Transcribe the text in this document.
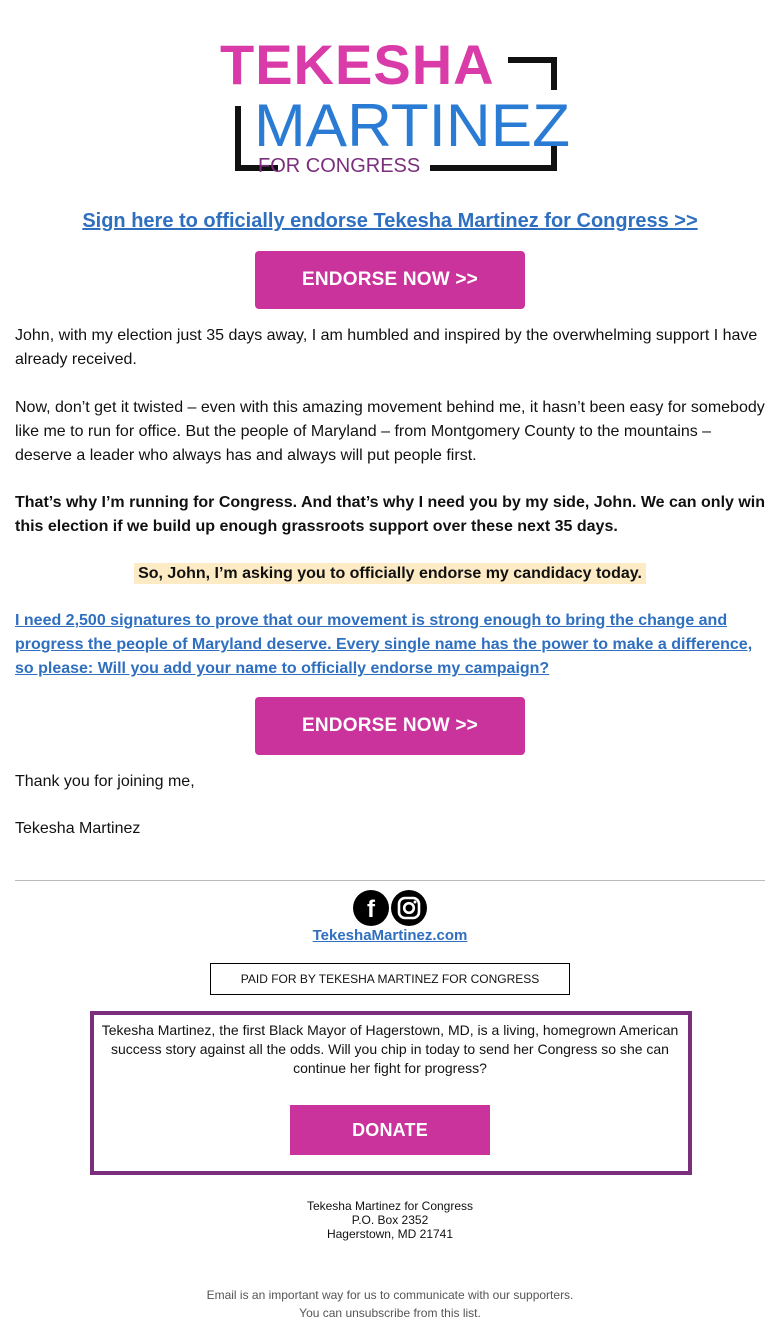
TEKESHA
MARTINEZ
FOR CONGRESS
Sign here to officially endorse Tekesha Martinez for Congress >>
ENDORSE NOW >>
John, with my election just 35 days away, I am humbled and inspired by the overwhelming support I have already received.
Now, don’t get it twisted – even with this amazing movement behind me, it hasn’t been easy for somebody like me to run for office. But the people of Maryland – from Montgomery County to the mountains – deserve a leader who always has and always will put people first.
That’s why I’m running for Congress. And that’s why I need you by my side, John. We can only win this election if we build up enough grassroots support over these next 35 days.
So, John, I’m asking you to officially endorse my candidacy today.
I need 2,500 signatures to prove that our movement is strong enough to bring the change and progress the people of Maryland deserve. Every single name has the power to make a difference, so please: Will you add your name to officially endorse my campaign?
ENDORSE NOW >>
Thank you for joining me,
Tekesha Martinez
f
TekeshaMartinez.com
PAID FOR BY TEKESHA MARTINEZ FOR CONGRESS
Tekesha Martinez, the first Black Mayor of Hagerstown, MD, is a living, homegrown American success story against all the odds. Will you chip in today to send her Congress so she can continue her fight for progress?
DONATE
Tekesha Martinez for Congress
P.O. Box 2352
Hagerstown, MD 21741
Email is an important way for us to communicate with our supporters.
You can unsubscribe from this list.
